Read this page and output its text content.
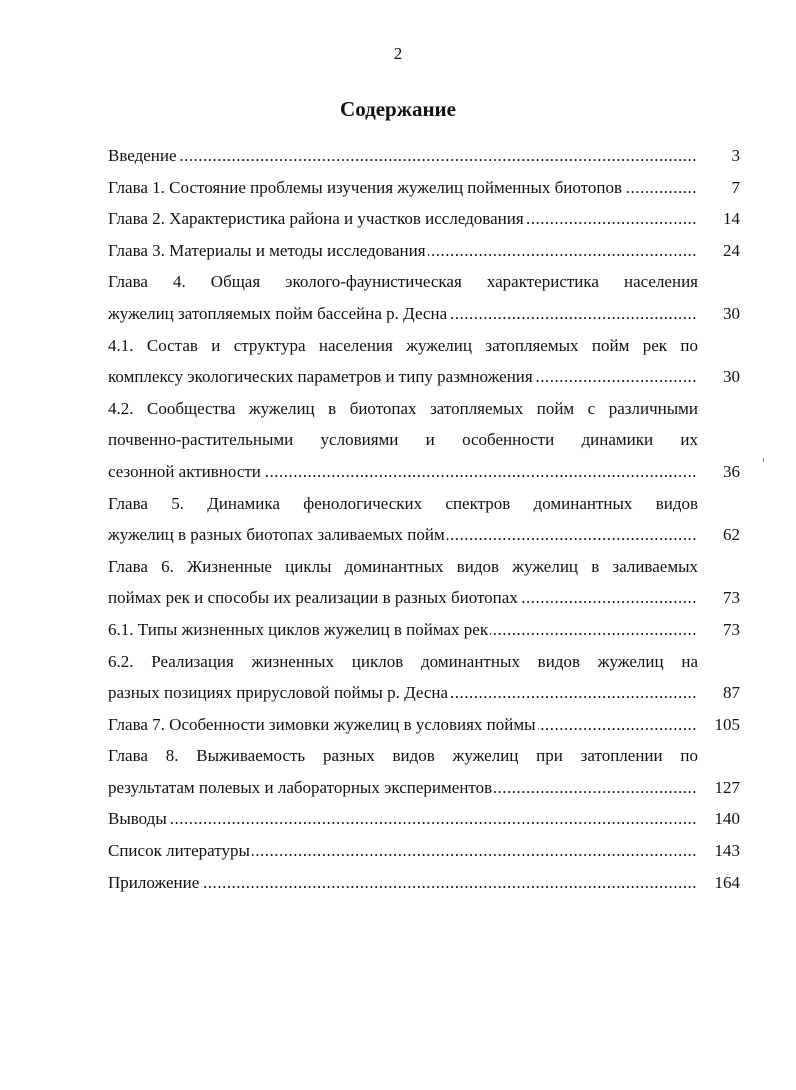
2
Содержание
Введение .....	3
Глава 1. Состояние проблемы изучения жужелиц пойменных биотопов .....	7
Глава 2. Характеристика района и участков исследования .....	14
Глава 3. Материалы и методы исследования .....	24
Глава 4. Общая эколого-фаунистическая характеристика населения
жужелиц затопляемых пойм бассейна р. Десна .....	30
4.1. Состав и структура населения жужелиц затопляемых пойм рек по
комплексу экологических параметров и типу размножения .....	30
4.2. Сообщества жужелиц в биотопах затопляемых пойм с различными
почвенно-растительными условиями и особенности динамики их
сезонной активности .....	36
Глава 5. Динамика фенологических спектров доминантных видов
жужелиц в разных биотопах заливаемых пойм .....	62
Глава 6. Жизненные циклы доминантных видов жужелиц в заливаемых
поймах рек и способы их реализации в разных биотопах .....	73
6.1. Типы жизненных циклов жужелиц в поймах рек .....	73
6.2. Реализация жизненных циклов доминантных видов жужелиц на
разных позициях прирусловой поймы р. Десна .....	87
Глава 7. Особенности зимовки жужелиц в условиях поймы .....	105
Глава 8. Выживаемость разных видов жужелиц при затоплении по
результатам полевых и лабораторных экспериментов .....	127
Выводы .....	140
Список литературы .....	143
Приложение .....	164
